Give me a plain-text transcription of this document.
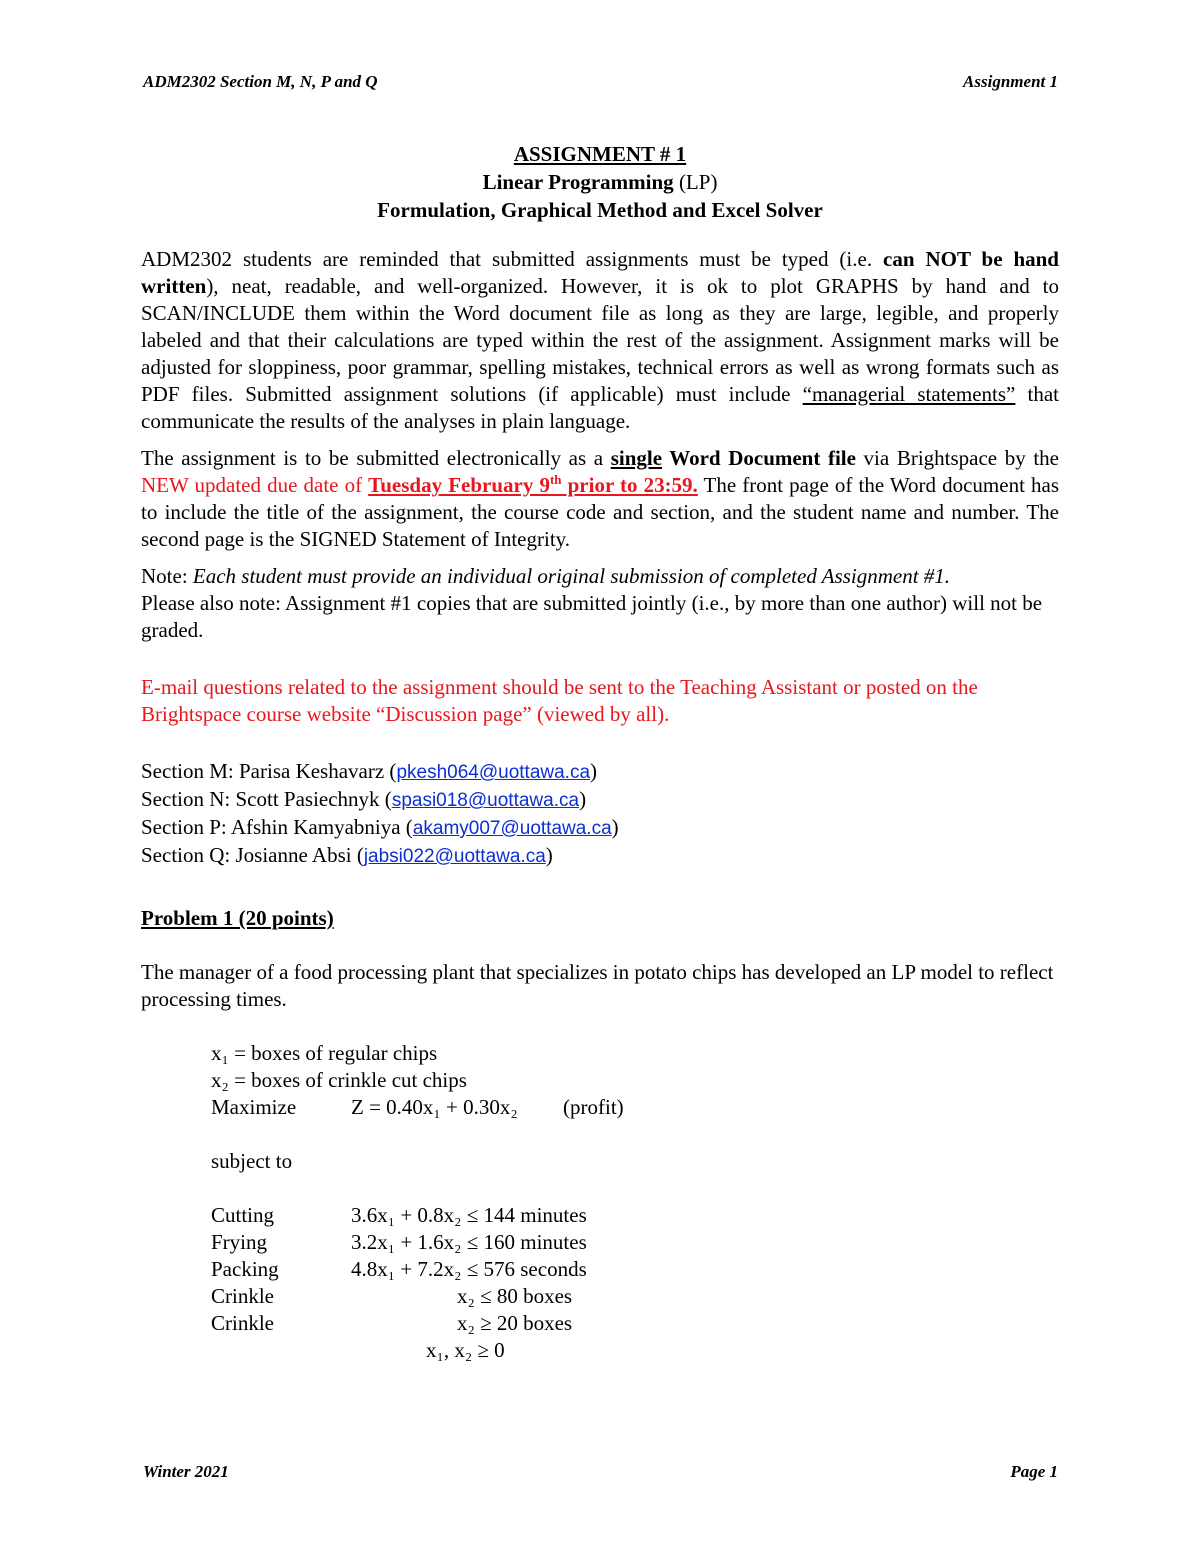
ADM2302 Section M, N, P and Q	Assignment 1
ASSIGNMENT # 1
Linear Programming (LP)
Formulation, Graphical Method and Excel Solver

ADM2302 students are reminded that submitted assignments must be typed (i.e. can NOT be hand written), neat, readable, and well-organized. However, it is ok to plot GRAPHS by hand and to SCAN/INCLUDE them within the Word document file as long as they are large, legible, and properly labeled and that their calculations are typed within the rest of the assignment. Assignment marks will be adjusted for sloppiness, poor grammar, spelling mistakes, technical errors as well as wrong formats such as PDF files. Submitted assignment solutions (if applicable) must include “managerial statements” that communicate the results of the analyses in plain language.

The assignment is to be submitted electronically as a single Word Document file via Brightspace by the NEW updated due date of Tuesday February 9th prior to 23:59. The front page of the Word document has to include the title of the assignment, the course code and section, and the student name and number. The second page is the SIGNED Statement of Integrity.

Note: Each student must provide an individual original submission of completed Assignment #1.
Please also note: Assignment #1 copies that are submitted jointly (i.e., by more than one author) will not be graded.

E-mail questions related to the assignment should be sent to the Teaching Assistant or posted on the Brightspace course website “Discussion page” (viewed by all).

Section M: Parisa Keshavarz (pkesh064@uottawa.ca)
Section N: Scott Pasiechnyk (spasi018@uottawa.ca)
Section P: Afshin Kamyabniya (akamy007@uottawa.ca)
Section Q: Josianne Absi (jabsi022@uottawa.ca)
Problem 1 (20 points)

The manager of a food processing plant that specializes in potato chips has developed an LP model to reflect processing times.

x₁ = boxes of regular chips
x₂ = boxes of crinkle cut chips
Maximize	Z = 0.40x₁ + 0.30x₂ (profit)
subject to
Cutting	3.6x₁ + 0.8x₂ ≤ 144 minutes
Frying	3.2x₁ + 1.6x₂ ≤ 160 minutes
Packing	4.8x₁ + 7.2x₂ ≤ 576 seconds
Crinkle	x₂ ≤ 80 boxes
Crinkle	x₂ ≥ 20 boxes
x₁, x₂ ≥ 0
Winter 2021	Page 1
